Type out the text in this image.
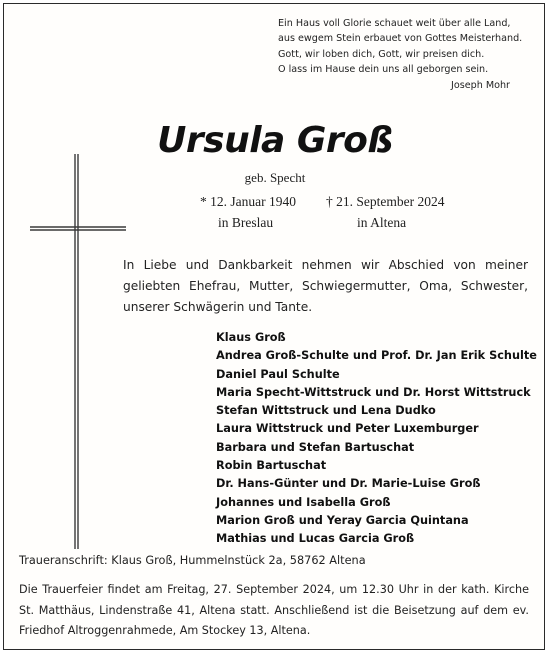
Ein Haus voll Glorie schauet weit über alle Land,
aus ewgem Stein erbauet von Gottes Meisterhand.
Gott, wir loben dich, Gott, wir preisen dich.
O lass im Hause dein uns all geborgen sein.
Joseph Mohr
Ursula Groß
geb. Specht
* 12. Januar 1940 † 21. September 2024
in Breslau	in Altena
In Liebe und Dankbarkeit nehmen wir Abschied von meiner geliebten Ehefrau, Mutter, Schwiegermutter, Oma, Schwester, unserer Schwägerin und Tante.
Klaus Groß
Andrea Groß-Schulte und Prof. Dr. Jan Erik Schulte
Daniel Paul Schulte
Maria Specht-Wittstruck und Dr. Horst Wittstruck
Stefan Wittstruck und Lena Dudko
Laura Wittstruck und Peter Luxemburger
Barbara und Stefan Bartuschat
Robin Bartuschat
Dr. Hans-Günter und Dr. Marie-Luise Groß
Johannes und Isabella Groß
Marion Groß und Yeray Garcia Quintana
Mathias und Lucas Garcia Groß
Traueranschrift: Klaus Groß, Hummelnstück 2a, 58762 Altena
Die Trauerfeier findet am Freitag, 27. September 2024, um 12.30 Uhr in der kath. Kirche St. Matthäus, Lindenstraße 41, Altena statt. Anschließend ist die Beisetzung auf dem ev. Friedhof Altroggenrahmede, Am Stockey 13, Altena.
